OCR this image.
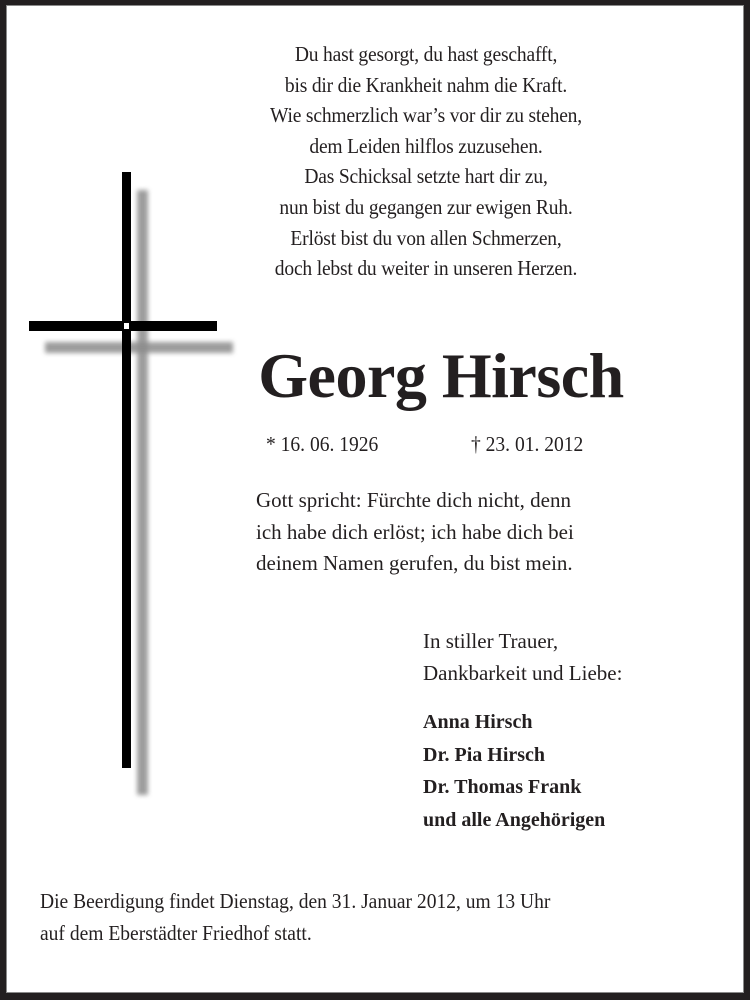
Du hast gesorgt, du hast geschafft,
bis dir die Krankheit nahm die Kraft.
Wie schmerzlich war’s vor dir zu stehen,
dem Leiden hilflos zuzusehen.
Das Schicksal setzte hart dir zu,
nun bist du gegangen zur ewigen Ruh.
Erlöst bist du von allen Schmerzen,
doch lebst du weiter in unseren Herzen.
Georg Hirsch
* 16. 06. 1926	† 23. 01. 2012
Gott spricht: Fürchte dich nicht, denn
ich habe dich erlöst; ich habe dich bei
deinem Namen gerufen, du bist mein.
In stiller Trauer,
Dankbarkeit und Liebe:
Anna Hirsch
Dr. Pia Hirsch
Dr. Thomas Frank
und alle Angehörigen
Die Beerdigung findet Dienstag, den 31. Januar 2012, um 13 Uhr
auf dem Eberstädter Friedhof statt.
